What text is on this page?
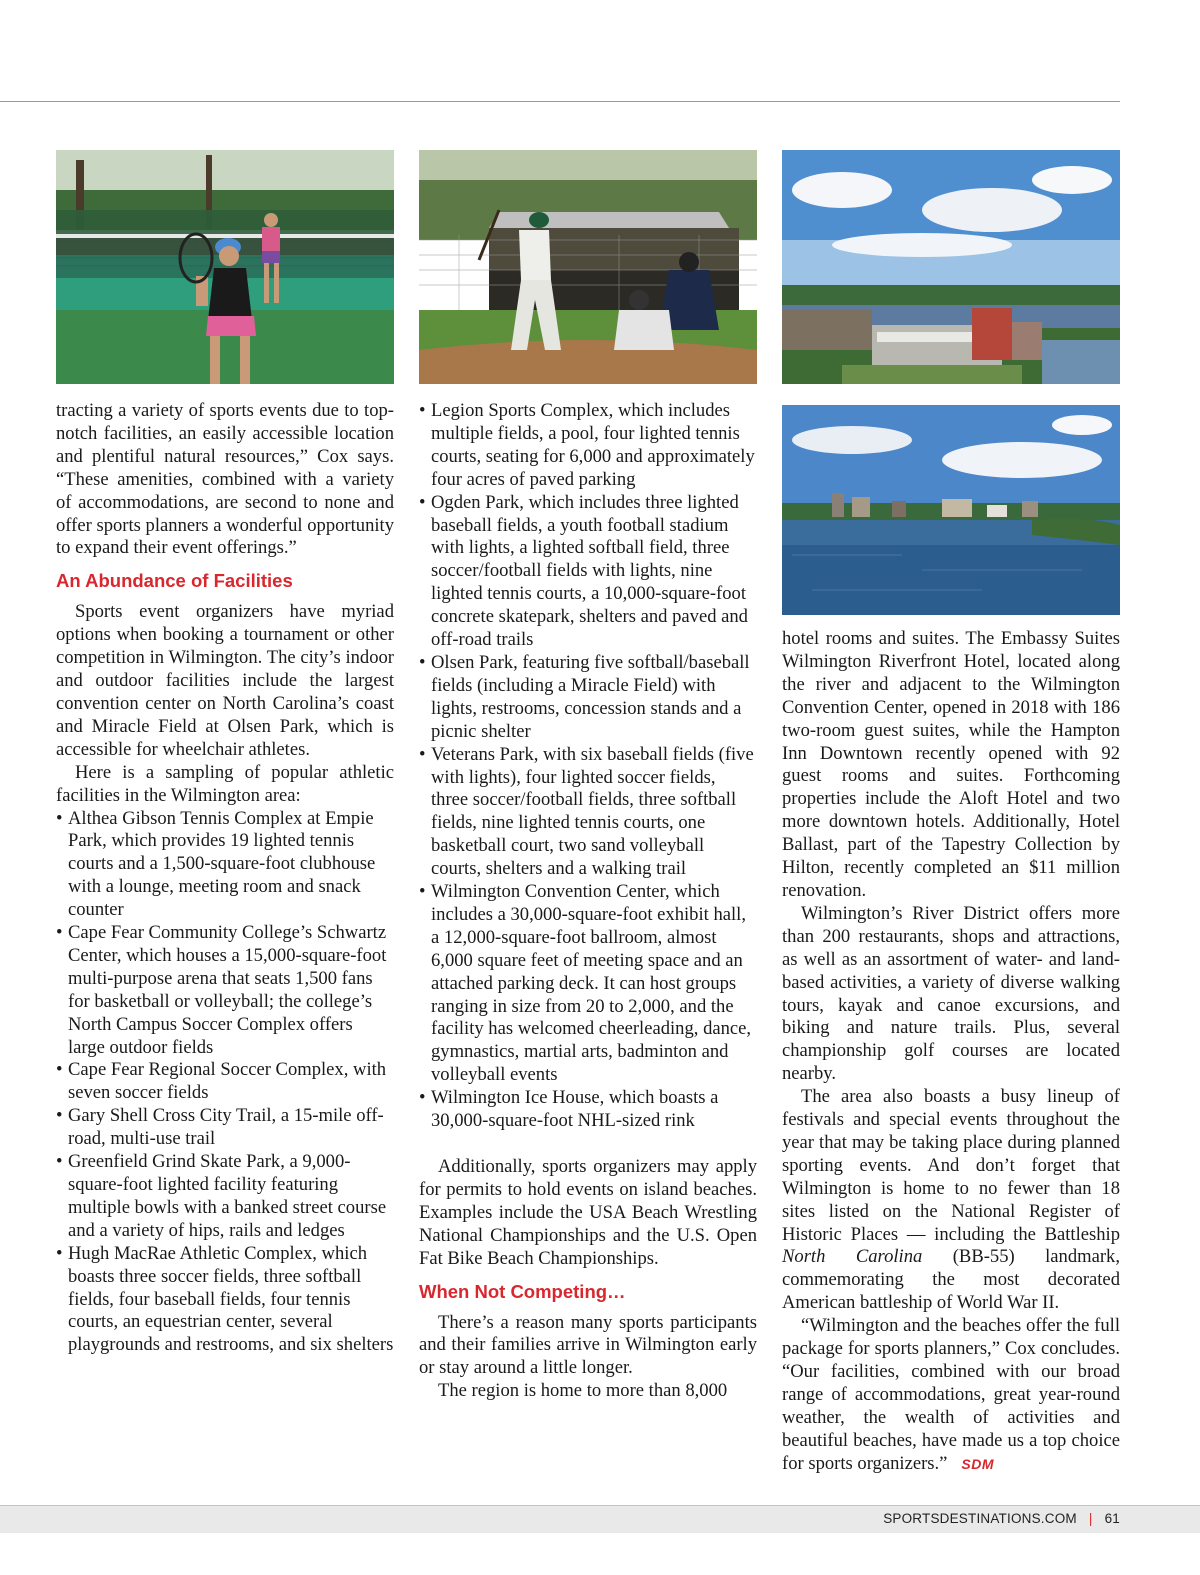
tracting a variety of sports events due to top-notch facilities, an easily accessible location and plentiful natural resources,” Cox says. “These amenities, combined with a variety of accommodations, are second to none and offer sports planners a wonderful opportunity to expand their event offerings.”

An Abundance of Facilities

Sports event organizers have myriad options when booking a tournament or other competition in Wilmington. The city’s indoor and outdoor facilities include the largest convention center on North Carolina’s coast and Miracle Field at Olsen Park, which is accessible for wheelchair athletes.

Here is a sampling of popular athletic facilities in the Wilmington area:

• Althea Gibson Tennis Complex at Empie Park, which provides 19 lighted tennis courts and a 1,500-square-foot clubhouse with a lounge, meeting room and snack counter
• Cape Fear Community College’s Schwartz Center, which houses a 15,000-square-foot multi-purpose arena that seats 1,500 fans for basketball or volleyball; the college’s North Campus Soccer Complex offers large outdoor fields
• Cape Fear Regional Soccer Complex, with seven soccer fields
• Gary Shell Cross City Trail, a 15-mile off-road, multi-use trail
• Greenfield Grind Skate Park, a 9,000-square-foot lighted facility featuring multiple bowls with a banked street course and a variety of hips, rails and ledges
• Hugh MacRae Athletic Complex, which boasts three soccer fields, three softball fields, four baseball fields, four tennis courts, an equestrian center, several playgrounds and restrooms, and six shelters
• Legion Sports Complex, which includes multiple fields, a pool, four lighted tennis courts, seating for 6,000 and approximately four acres of paved parking
• Ogden Park, which includes three lighted baseball fields, a youth football stadium with lights, a lighted softball field, three soccer/football fields with lights, nine lighted tennis courts, a 10,000-square-foot concrete skatepark, shelters and paved and off-road trails
• Olsen Park, featuring five softball/baseball fields (including a Miracle Field) with lights, restrooms, concession stands and a picnic shelter
• Veterans Park, with six baseball fields (five with lights), four lighted soccer fields, three soccer/football fields, three softball fields, nine lighted tennis courts, one basketball court, two sand volleyball courts, shelters and a walking trail
• Wilmington Convention Center, which includes a 30,000-square-foot exhibit hall, a 12,000-square-foot ballroom, almost 6,000 square feet of meeting space and an attached parking deck. It can host groups ranging in size from 20 to 2,000, and the facility has welcomed cheerleading, dance, gymnastics, martial arts, badminton and volleyball events
• Wilmington Ice House, which boasts a 30,000-square-foot NHL-sized rink

Additionally, sports organizers may apply for permits to hold events on island beaches. Examples include the USA Beach Wrestling National Championships and the U.S. Open Fat Bike Beach Championships.

When Not Competing…

There’s a reason many sports participants and their families arrive in Wilmington early or stay around a little longer.

The region is home to more than 8,000

hotel rooms and suites. The Embassy Suites Wilmington Riverfront Hotel, located along the river and adjacent to the Wilmington Convention Center, opened in 2018 with 186 two-room guest suites, while the Hampton Inn Downtown recently opened with 92 guest rooms and suites. Forthcoming properties include the Aloft Hotel and two more downtown hotels. Additionally, Hotel Ballast, part of the Tapestry Collection by Hilton, recently completed an $11 million renovation.

Wilmington’s River District offers more than 200 restaurants, shops and attractions, as well as an assortment of water- and land-based activities, a variety of diverse walking tours, kayak and canoe excursions, and biking and nature trails. Plus, several championship golf courses are located nearby.

The area also boasts a busy lineup of festivals and special events throughout the year that may be taking place during planned sporting events. And don’t forget that Wilmington is home to no fewer than 18 sites listed on the National Register of Historic Places — including the Battleship North Carolina (BB-55) landmark, commemorating the most decorated American battleship of World War II.

“Wilmington and the beaches offer the full package for sports planners,” Cox concludes. “Our facilities, combined with our broad range of accommodations, great year-round weather, the wealth of activities and beautiful beaches, have made us a top choice for sports organizers.” SDM

SPORTSDESTINATIONS.COM | 61
